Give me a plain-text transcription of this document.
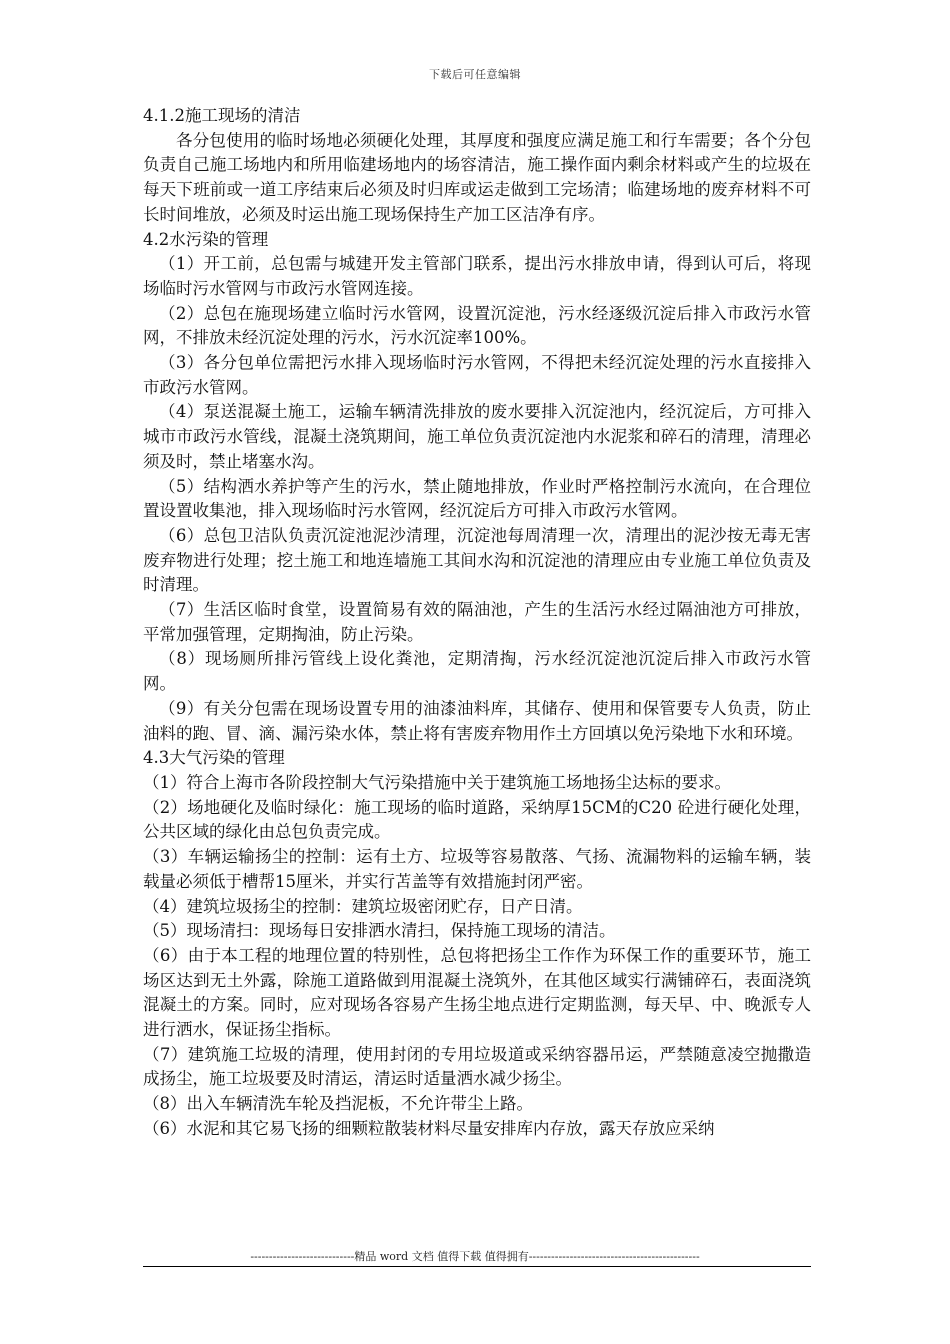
下载后可任意编辑

4.1.2施工现场的清洁

各分包使用的临时场地必须硬化处理，其厚度和强度应满足施工和行车需要；各个分包负责自己施工场地内和所用临建场地内的场容清洁，施工操作面内剩余材料或产生的垃圾在每天下班前或一道工序结束后必须及时归库或运走做到工完场清；临建场地的废弃材料不可长时间堆放，必须及时运出施工现场保持生产加工区洁净有序。

4.2水污染的管理

（1）开工前，总包需与城建开发主管部门联系，提出污水排放申请，得到认可后，将现场临时污水管网与市政污水管网连接。

（2）总包在施现场建立临时污水管网，设置沉淀池，污水经逐级沉淀后排入市政污水管网，不排放未经沉淀处理的污水，污水沉淀率100%。

（3）各分包单位需把污水排入现场临时污水管网，不得把未经沉淀处理的污水直接排入市政污水管网。

（4）泵送混凝土施工，运输车辆清洗排放的废水要排入沉淀池内，经沉淀后，方可排入城市市政污水管线，混凝土浇筑期间，施工单位负责沉淀池内水泥浆和碎石的清理，清理必须及时，禁止堵塞水沟。

（5）结构洒水养护等产生的污水，禁止随地排放，作业时严格控制污水流向，在合理位置设置收集池，排入现场临时污水管网，经沉淀后方可排入市政污水管网。

（6）总包卫洁队负责沉淀池泥沙清理，沉淀池每周清理一次，清理出的泥沙按无毒无害废弃物进行处理；挖土施工和地连墙施工其间水沟和沉淀池的清理应由专业施工单位负责及时清理。

（7）生活区临时食堂，设置简易有效的隔油池，产生的生活污水经过隔油池方可排放，平常加强管理，定期掏油，防止污染。

（8）现场厕所排污管线上设化粪池，定期清掏，污水经沉淀池沉淀后排入市政污水管网。

（9）有关分包需在现场设置专用的油漆油料库，其储存、使用和保管要专人负责，防止油料的跑、冒、滴、漏污染水体，禁止将有害废弃物用作土方回填以免污染地下水和环境。

4.3大气污染的管理

（1）符合上海市各阶段控制大气污染措施中关于建筑施工场地扬尘达标的要求。

（2）场地硬化及临时绿化：施工现场的临时道路，采纳厚15CM的C20 砼进行硬化处理，公共区域的绿化由总包负责完成。

（3）车辆运输扬尘的控制：运有土方、垃圾等容易散落、气扬、流漏物料的运输车辆，装载量必须低于槽帮15厘米，并实行苫盖等有效措施封闭严密。

（4）建筑垃圾扬尘的控制：建筑垃圾密闭贮存，日产日清。

（5）现场清扫：现场每日安排洒水清扫，保持施工现场的清洁。

（6）由于本工程的地理位置的特别性，总包将把扬尘工作作为环保工作的重要环节，施工场区达到无土外露，除施工道路做到用混凝土浇筑外，在其他区域实行满铺碎石，表面浇筑混凝土的方案。同时，应对现场各容易产生扬尘地点进行定期监测，每天早、中、晚派专人进行洒水，保证扬尘指标。

（7）建筑施工垃圾的清理，使用封闭的专用垃圾道或采纳容器吊运，严禁随意凌空抛撒造成扬尘，施工垃圾要及时清运，清运时适量洒水减少扬尘。

（8）出入车辆清洗车轮及挡泥板，不允许带尘上路。

（6）水泥和其它易飞扬的细颗粒散装材料尽量安排库内存放，露天存放应采纳

----------------------------精品 word 文档 值得下载 值得拥有----------------------------------------------
